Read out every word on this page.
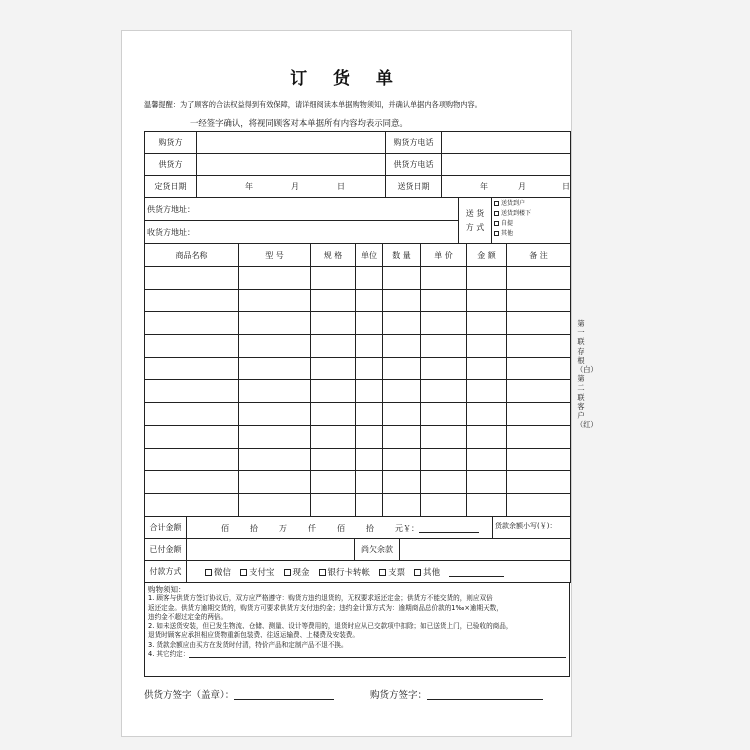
订 货 单
温馨提醒：为了顾客的合法权益得到有效保障，请详细阅读本单据购物须知，并确认单据内各项购物内容。
一经签字确认，将视同顾客对本单据所有内容均表示同意。
购货方		购货方电话	
供货方		供货方电话	
定货日期	年 月 日	送货日期	年 月 日
供货方地址：	送 货 方 式	
送货到户
送货到楼下
自提
其他

收货方地址：
商品名称	型 号	规 格	单位	数 量	单 价	金 额	备 注

合计金额	佰 拾 万 仟 佰 拾 元￥：		货款余额小写(￥)：
已付金额		尚欠余款	
付款方式	微信 支付宝 现金 银行卡转帐 支票 其他
购物须知：
1. 顾客与供货方签订协议后，双方应严格遵守：购货方违约退货的，无权要求返还定金；供货方不能交货的，则应双倍
返还定金。供货方逾期交货的，购货方可要求供货方支付违约金；违约金计算方式为：逾期商品总价款的1‰×逾期天数，
违约金不超过定金的两倍。
2. 如未送货安装，但已发生物流、仓储、测量、设计等费用的，退货时应从已交款项中扣除；如已送货上门，已验收的商品，
退货时顾客应承担相应货物重新包装费、往返运输费、上楼费及安装费。
3. 货款余额应由买方在发货时付清，特价产品和定制产品不退不换。
4. 其它约定：
第一联存根（白）第二联客户（红）
供货方签字（盖章）：	购货方签字：
